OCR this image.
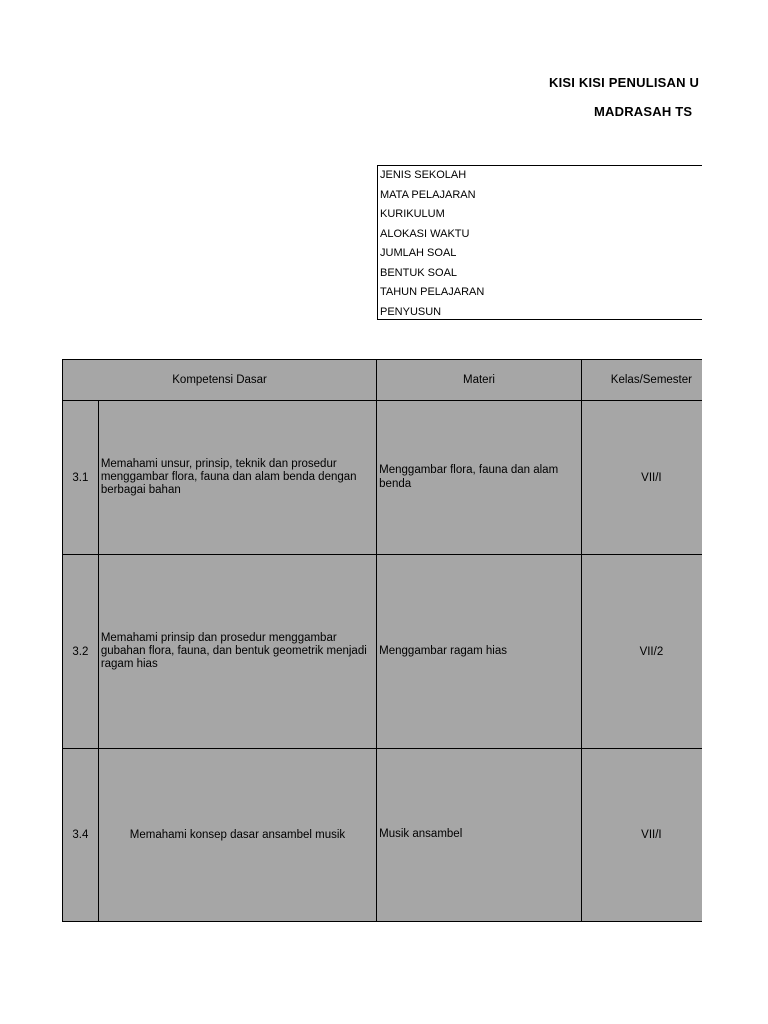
KISI KISI PENULISAN U
MADRASAH TS
JENIS SEKOLAH
MATA PELAJARAN
KURIKULUM
ALOKASI WAKTU
JUMLAH SOAL
BENTUK SOAL
TAHUN PELAJARAN
PENYUSUN
Kompetensi Dasar		Materi	Kelas/Semester
3.1	Memahami unsur, prinsip, teknik dan prosedur menggambar flora, fauna dan alam benda dengan berbagai bahan	Menggambar flora, fauna dan alam benda	VII/I
3.2	Memahami prinsip dan prosedur menggambar gubahan flora, fauna, dan bentuk geometrik menjadi ragam hias	Menggambar ragam hias	VII/2
3.4	Memahami konsep dasar ansambel musik	Musik ansambel	VII/I
